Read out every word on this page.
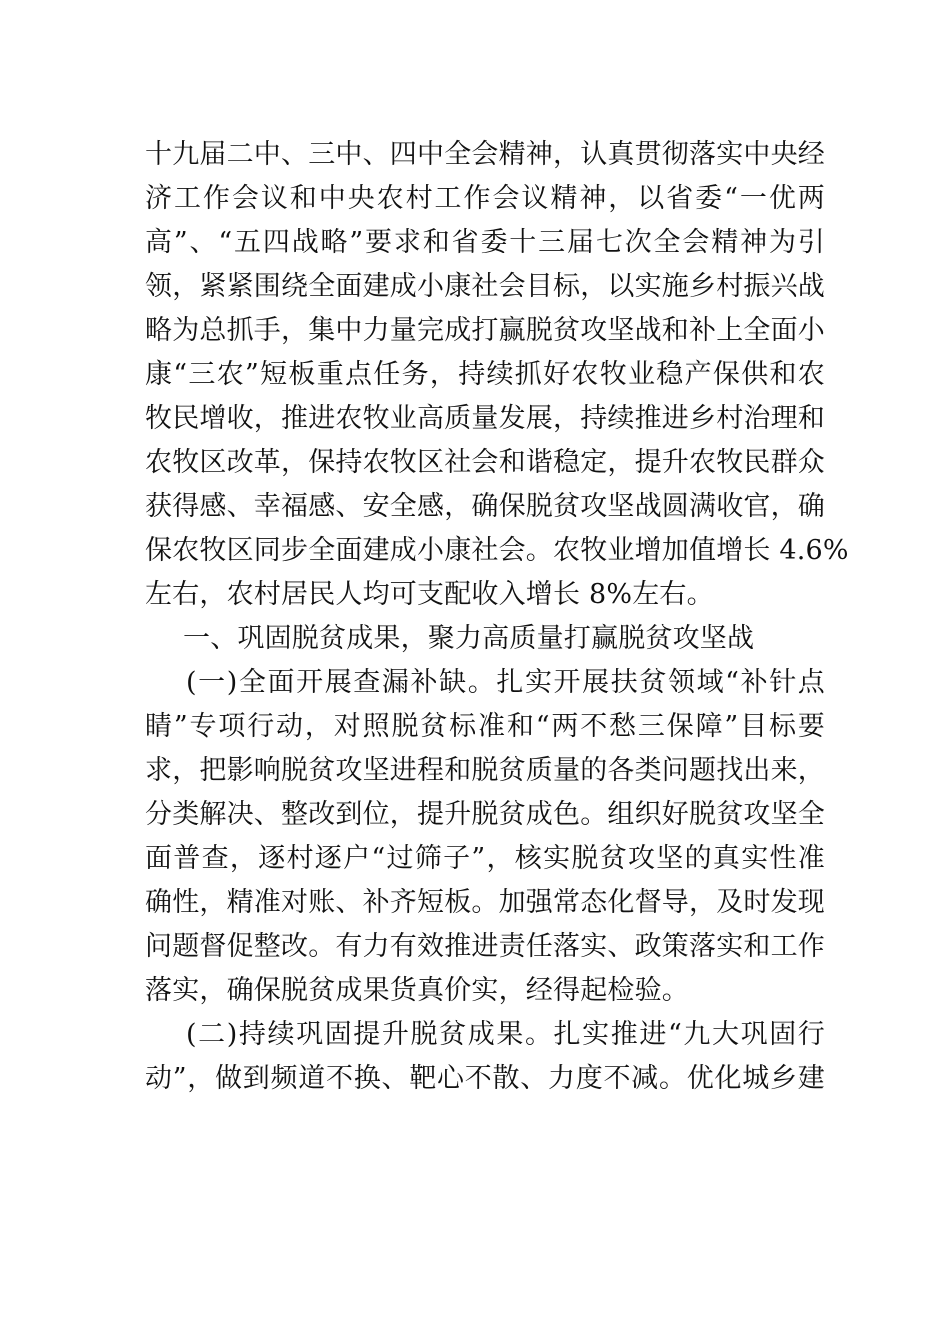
十九届二中、三中、四中全会精神，认真贯彻落实中央经
济工作会议和中央农村工作会议精神，以省委“一优两
高”、“五四战略”要求和省委十三届七次全会精神为引
领，紧紧围绕全面建成小康社会目标，以实施乡村振兴战
略为总抓手，集中力量完成打赢脱贫攻坚战和补上全面小
康“三农”短板重点任务，持续抓好农牧业稳产保供和农
牧民增收，推进农牧业高质量发展，持续推进乡村治理和
农牧区改革，保持农牧区社会和谐稳定，提升农牧民群众
获得感、幸福感、安全感，确保脱贫攻坚战圆满收官，确
保农牧区同步全面建成小康社会。农牧业增加值增长 4.6%
左右，农村居民人均可支配收入增长 8%左右。
一、巩固脱贫成果，聚力高质量打赢脱贫攻坚战
(一)全面开展查漏补缺。扎实开展扶贫领域“补针点
睛”专项行动，对照脱贫标准和“两不愁三保障”目标要
求，把影响脱贫攻坚进程和脱贫质量的各类问题找出来，
分类解决、整改到位，提升脱贫成色。组织好脱贫攻坚全
面普查，逐村逐户“过筛子”，核实脱贫攻坚的真实性准
确性，精准对账、补齐短板。加强常态化督导，及时发现
问题督促整改。有力有效推进责任落实、政策落实和工作
落实，确保脱贫成果货真价实，经得起检验。
(二)持续巩固提升脱贫成果。扎实推进“九大巩固行
动”，做到频道不换、靶心不散、力度不减。优化城乡建
